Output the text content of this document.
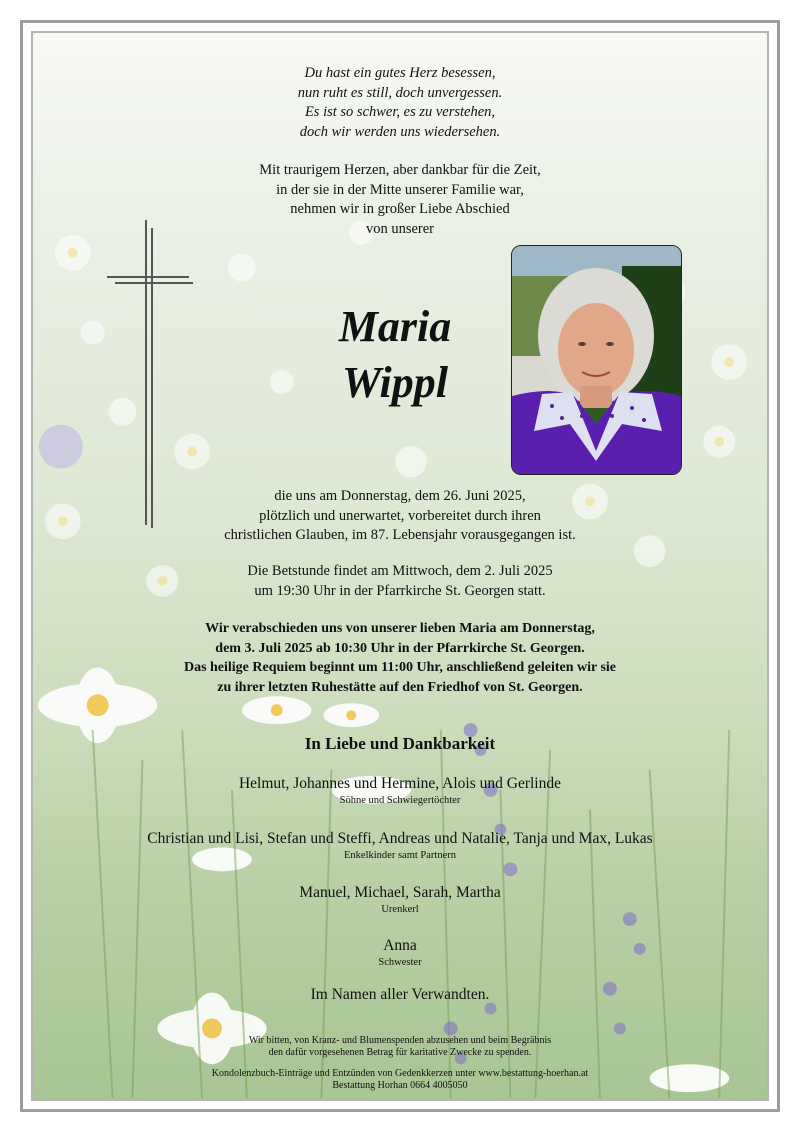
Du hast ein gutes Herz besessen,
nun ruht es still, doch unvergessen.
Es ist so schwer, es zu verstehen,
doch wir werden uns wiedersehen.
Mit traurigem Herzen, aber dankbar für die Zeit,
in der sie in der Mitte unserer Familie war,
nehmen wir in großer Liebe Abschied
von unserer
Maria
Wippl
die uns am Donnerstag, dem 26. Juni 2025,
plötzlich und unerwartet, vorbereitet durch ihren
christlichen Glauben, im 87. Lebensjahr vorausgegangen ist.
Die Betstunde findet am Mittwoch, dem 2. Juli 2025
um 19:30 Uhr in der Pfarrkirche St. Georgen statt.
Wir verabschieden uns von unserer lieben Maria am Donnerstag,
dem 3. Juli 2025 ab 10:30 Uhr in der Pfarrkirche St. Georgen.
Das heilige Requiem beginnt um 11:00 Uhr, anschließend geleiten wir sie
zu ihrer letzten Ruhestätte auf den Friedhof von St. Georgen.
In Liebe und Dankbarkeit
Helmut, Johannes und Hermine, Alois und Gerlinde
Söhne und Schwiegertöchter
Christian und Lisi, Stefan und Steffi, Andreas und Natalie, Tanja und Max, Lukas
Enkelkinder samt Partnern
Manuel, Michael, Sarah, Martha
Urenkerl
Anna
Schwester
Im Namen aller Verwandten.
Wir bitten, von Kranz- und Blumenspenden abzusehen und beim Begräbnis
den dafür vorgesehenen Betrag für karitative Zwecke zu spenden.
Kondolenzbuch-Einträge und Entzünden von Gedenkkerzen unter www.bestattung-hoerhan.at
Bestattung Horhan 0664 4005050
